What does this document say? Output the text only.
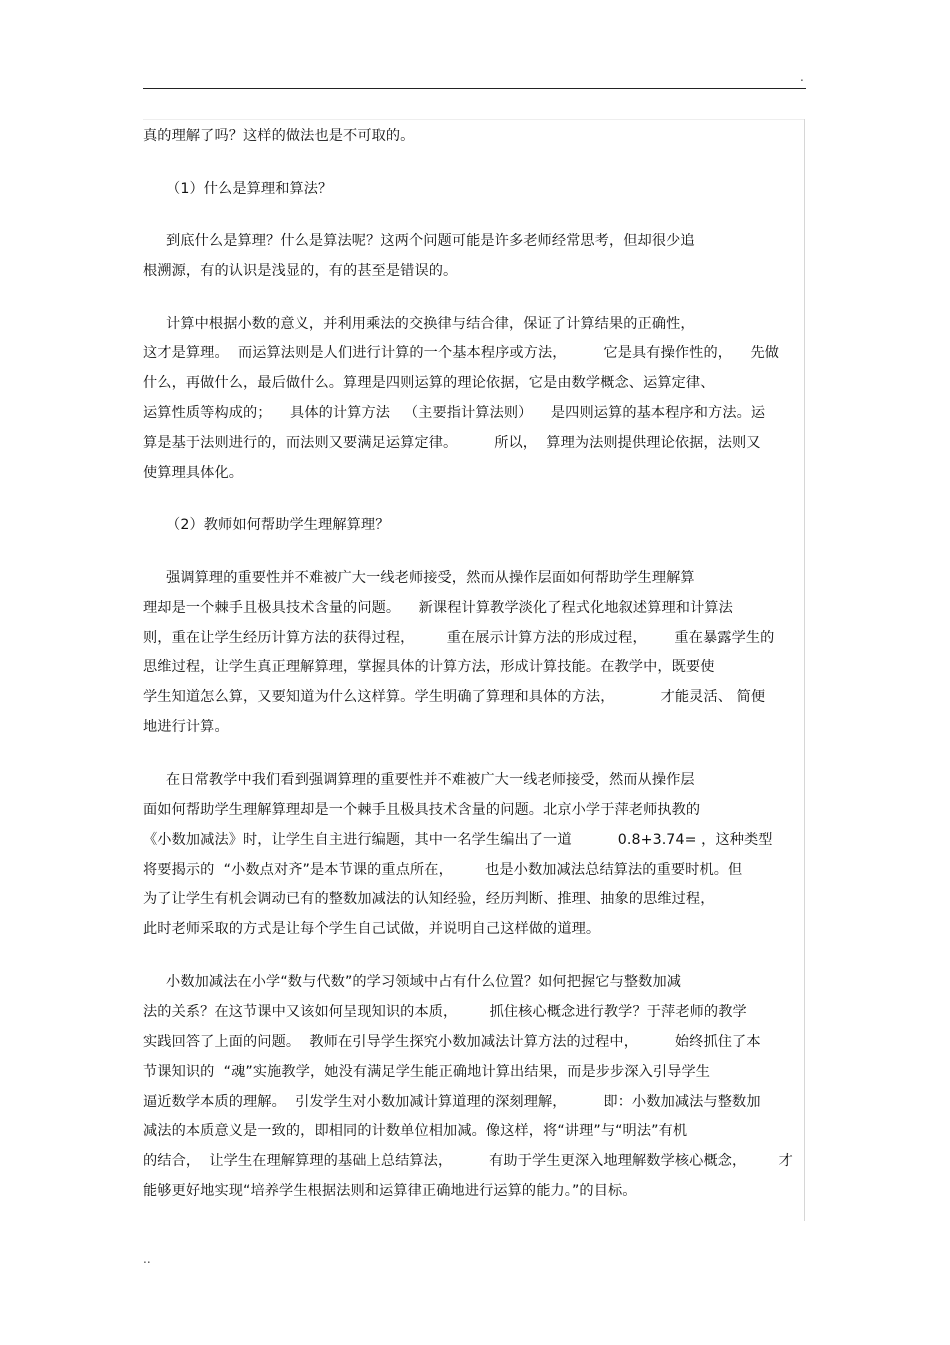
.
真的理解了吗？这样的做法也是不可取的。
（1）什么是算理和算法？
到底什么是算理？什么是算法呢？这两个问题可能是许多老师经常思考，但却很少追
根溯源，有的认识是浅显的，有的甚至是错误的。
计算中根据小数的意义，并利用乘法的交换律与结合律，保证了计算结果的正确性，
这才是算理。  而运算法则是人们进行计算的一个基本程序或方法，        它是具有操作性的，    先做
什么，再做什么，最后做什么。算理是四则运算的理论依据，它是由数学概念、运算定律、
运算性质等构成的；    具体的计算方法   （主要指计算法则）    是四则运算的基本程序和方法。运
算是基于法则进行的，而法则又要满足运算定律。        所以，  算理为法则提供理论依据，法则又
使算理具体化。
（2）教师如何帮助学生理解算理？
强调算理的重要性并不难被广大一线老师接受，然而从操作层面如何帮助学生理解算
理却是一个棘手且极具技术含量的问题。    新课程计算教学淡化了程式化地叙述算理和计算法
则，重在让学生经历计算方法的获得过程，       重在展示计算方法的形成过程，      重在暴露学生的
思维过程，让学生真正理解算理，掌握具体的计算方法，形成计算技能。在教学中，既要使
学生知道怎么算，又要知道为什么这样算。学生明确了算理和具体的方法，          才能灵活、 简便
地进行计算。
在日常教学中我们看到强调算理的重要性并不难被广大一线老师接受，然而从操作层
面如何帮助学生理解算理却是一个棘手且极具技术含量的问题。北京小学于萍老师执教的
《小数加减法》时，让学生自主进行编题，其中一名学生编出了一道          0.8+3.74= ，这种类型
将要揭示的  “小数点对齐”是本节课的重点所在，       也是小数加减法总结算法的重要时机。但
为了让学生有机会调动已有的整数加减法的认知经验，经历判断、推理、抽象的思维过程，
此时老师采取的方式是让每个学生自己试做，并说明自己这样做的道理。
小数加减法在小学“数与代数”的学习领域中占有什么位置？如何把握它与整数加减
法的关系？在这节课中又该如何呈现知识的本质，       抓住核心概念进行教学？于萍老师的教学
实践回答了上面的问题。  教师在引导学生探究小数加减法计算方法的过程中，        始终抓住了本
节课知识的  “魂”实施教学，她没有满足学生能正确地计算出结果，而是步步深入引导学生
逼近数学本质的理解。  引发学生对小数加减计算道理的深刻理解，        即：小数加减法与整数加
减法的本质意义是一致的，即相同的计数单位相加减。像这样，将“讲理”与“明法”有机
的结合，  让学生在理解算理的基础上总结算法，        有助于学生更深入地理解数学核心概念，       才
能够更好地实现“培养学生根据法则和运算律正确地进行运算的能力。”的目标。
..
